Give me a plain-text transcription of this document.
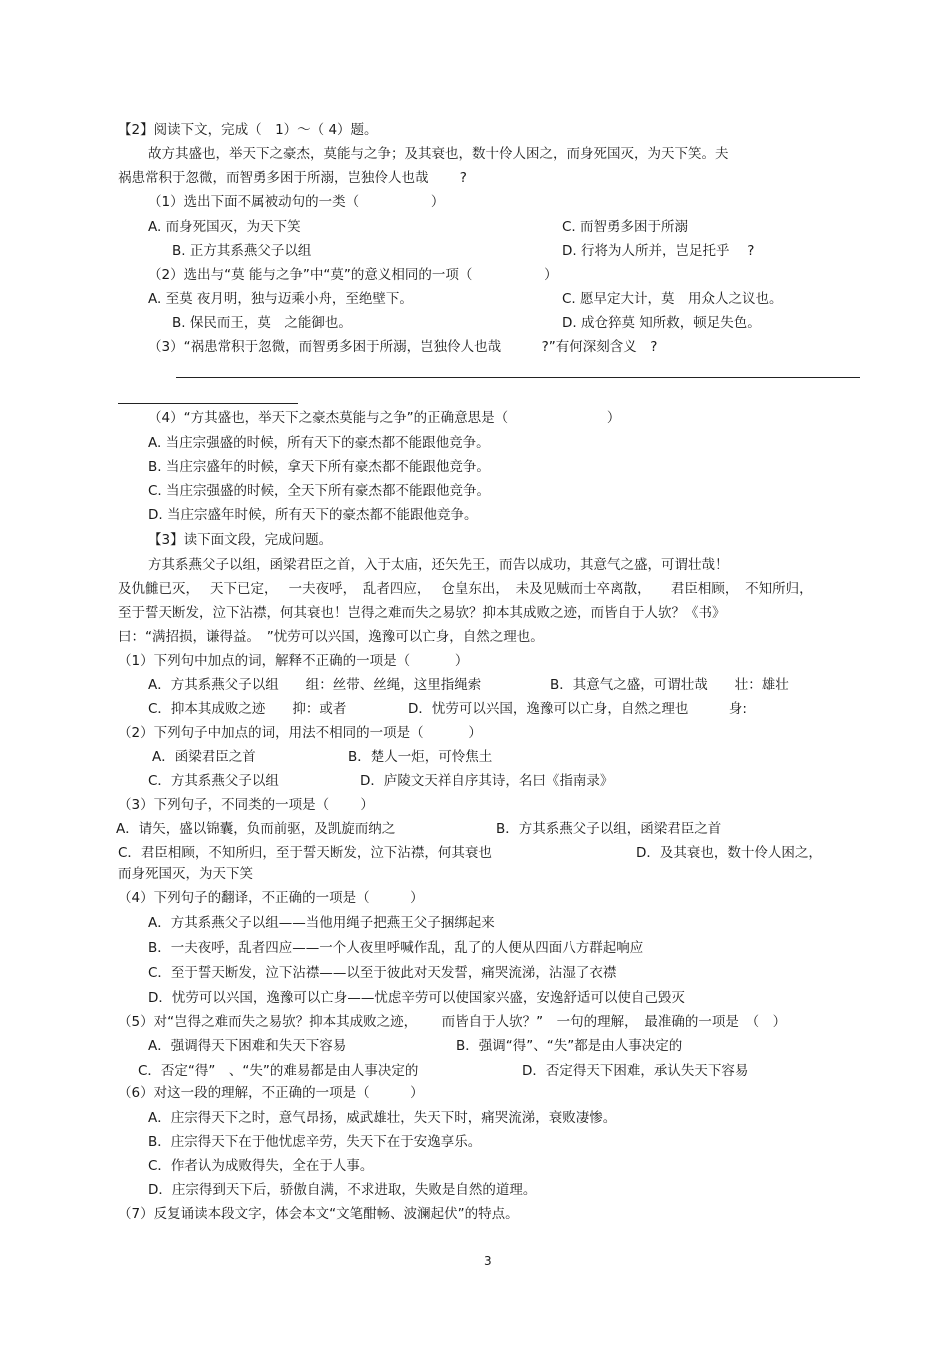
【2】阅读下文，完成（　1）～（ 4）题。
故方其盛也，举天下之豪杰，莫能与之争；及其衰也，数十伶人困之，而身死国灭，为天下笑。夫
祸患常积于忽微，而智勇多困于所溺，岂独伶人也哉　　 ?
（1）选出下面不属被动句的一类（　　　　　 ）
A. 而身死国灭，为天下笑	C. 而智勇多困于所溺
B. 正方其系燕父子以组	D. 行将为人所并，岂足托乎　 ?
（2）选出与“莫 能与之争”中“莫”的意义相同的一项（　　　　　 ）
A. 至莫 夜月明，独与迈乘小舟，至绝壁下。	C. 愿早定大计，莫　用众人之议也。
B. 保民而王，莫　之能御也。	D. 成仓猝莫 知所救，顿足失色。
（3）“祸患常积于忽微，而智勇多困于所溺，岂独伶人也哉　　　?”有何深刻含义　?
（4）“方其盛也，举天下之豪杰莫能与之争”的正确意思是（　　　　　　　 ）
A. 当庄宗强盛的时候，所有天下的豪杰都不能跟他竞争。
B. 当庄宗盛年的时候，拿天下所有豪杰都不能跟他竞争。
C. 当庄宗强盛的时候，全天下所有豪杰都不能跟他竞争。
D. 当庄宗盛年时候，所有天下的豪杰都不能跟他竞争。
【3】读下面文段，完成问题。
方其系燕父子以组，函梁君臣之首，入于太庙，还矢先王，而告以成功，其意气之盛，可谓壮哉！
及仇雠已灭，　 天下已定，　 一夫夜呼，　乱者四应，　 仓皇东出，　未及见贼而士卒离散，　　君臣相顾，　不知所归，
至于誓天断发，泣下沾襟，何其衰也！岂得之难而失之易欤？抑本其成败之迹，而皆自于人欤？《书》
曰：“满招损，谦得益。　”忧劳可以兴国，逸豫可以亡身，自然之理也。
（1）下列句中加点的词，解释不正确的一项是（　　　 ）
A．方其系燕父子以组　　组：丝带、丝绳，这里指绳索	B．其意气之盛，可谓壮哉　　壮：雄壮
C．抑本其成败之迹　　抑：或者	D．忧劳可以兴国，逸豫可以亡身，自然之理也　　　身:
（2）下列句子中加点的词，用法不相同的一项是（　　　 ）
A．函梁君臣之首	B．楚人一炬，可怜焦土
C．方其系燕父子以组	D．庐陵文天祥自序其诗，名曰《指南录》
（3）下列句子，不同类的一项是（　　 ）
A．请矢，盛以锦囊，负而前驱，及凯旋而纳之	B．方其系燕父子以组，函梁君臣之首
C．君臣相顾，不知所归，至于誓天断发，泣下沾襟，何其衰也	D．及其衰也，数十伶人困之，
而身死国灭，为天下笑
（4）下列句子的翻译，不正确的一项是（　　　）
A．方其系燕父子以组——当他用绳子把燕王父子捆绑起来
B．一夫夜呼，乱者四应——一个人夜里呼喊作乱，乱了的人便从四面八方群起响应
C．至于誓天断发，泣下沾襟——以至于彼此对天发誓，痛哭流涕，沾湿了衣襟
D．忧劳可以兴国，逸豫可以亡身——忧虑辛劳可以使国家兴盛，安逸舒适可以使自己毁灭
（5）对“岂得之难而失之易欤？抑本其成败之迹，　　 而皆自于人欤？”　一句的理解，　最准确的一项是　（　）
A．强调得天下困难和失天下容易	B．强调“得”、“失”都是由人事决定的
C．否定“得”　、“失”的难易都是由人事决定的	D．否定得天下困难，承认失天下容易
（6）对这一段的理解，不正确的一项是（　　　）
A．庄宗得天下之时，意气昂扬，威武雄壮，失天下时，痛哭流涕，衰败凄惨。
B．庄宗得天下在于他忧虑辛劳，失天下在于安逸享乐。
C．作者认为成败得失，全在于人事。
D．庄宗得到天下后，骄傲自满，不求进取，失败是自然的道理。
（7）反复诵读本段文字，体会本文“文笔酣畅、波澜起伏”的特点。
3
